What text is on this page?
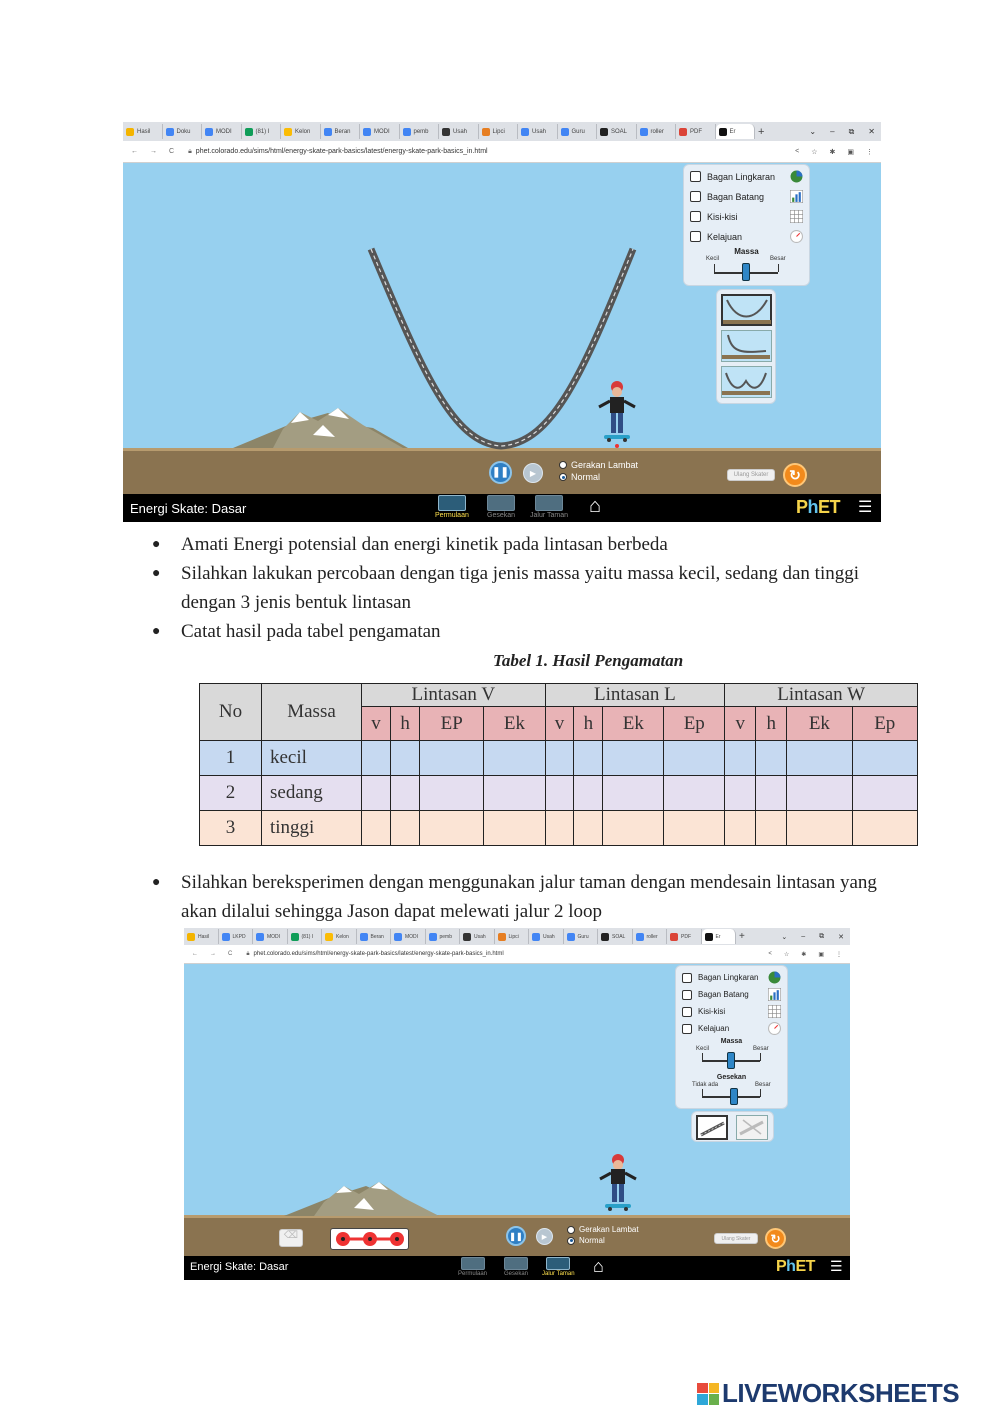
Hasil	Doku	MODI	(81) I	Kelon	Beran	MODI	pemb	Usah	Lipci	Usah	Guru	SOAL	roller	PDF	Er +	⌄ – ⧉ ✕
← → C 🔒︎ phet.colorado.edu/sims/html/energy-skate-park-basics/latest/energy-skate-park-basics_in.html	< ☆ ✱ ▣ ⋮
Bagan Lingkaran
Bagan Batang
Kisi-kisi
Kelajuan
Massa
Kecil	Besar
❚❚	▶
Gerakan Lambat
Normal	Ulang Skater	↻
Energi Skate: Dasar	Permulaan	Gesekan Jalur Taman ⌂	PhET ☰
● Amati Energi potensial dan energi kinetik pada lintasan berbeda
● Silahkan lakukan percobaan dengan tiga jenis massa yaitu massa kecil, sedang dan tinggi dengan 3 jenis bentuk lintasan
● Catat hasil pada tabel pengamatan
Tabel 1. Hasil Pengamatan
No	Massa	Lintasan V				Lintasan L				Lintasan W			
		v	h	EP	Ek	v	h	Ek	Ep	v	h	Ek	Ep
1	kecil												
2	sedang												
3	tinggi												
● Silahkan bereksperimen dengan menggunakan jalur taman dengan mendesain lintasan yang akan dilalui sehingga Jason dapat melewati jalur 2 loop
Hasil	LKPD	MODI	(81) I	Kelon	Beran	MODI	pemb	Usah	Lipci	Usah	Guru	SOAL	roller	PDF	Er	+	⌄ – ⧉ ✕
← → C 🔒︎ phet.colorado.edu/sims/html/energy-skate-park-basics/latest/energy-skate-park-basics_in.html	< ☆ ✱ ▣ ⋮
Bagan Lingkaran
Bagan Batang
Kisi-kisi
Kelajuan
Massa
Kecil	Besar
Gesekan
Tidak ada	Besar
⌫	❚❚	▶
Gerakan Lambat
Normal	Ulang Skater	↻
Energi Skate: Dasar
Permulaan	Gesekan Jalur Taman ⌂	PhET ☰
LIVEWORKSHEETS
